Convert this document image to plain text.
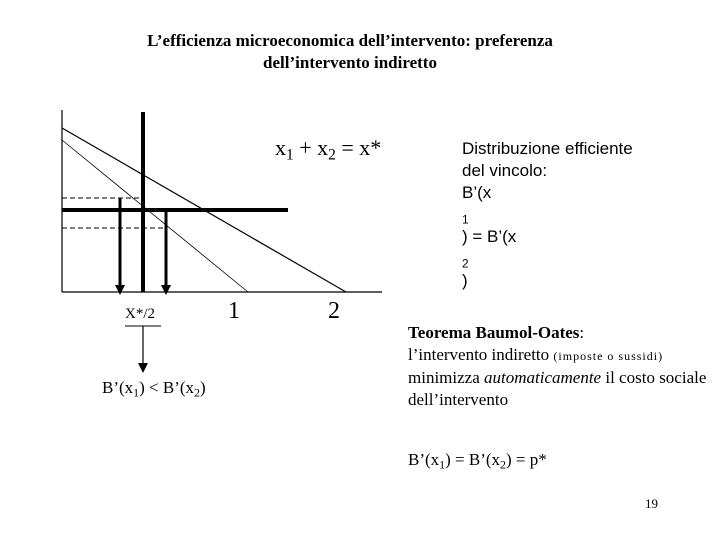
L’efficienza microeconomica dell’intervento: preferenza
dell’intervento indiretto
$x_1 + x_2 = x*$	Distribuzione efficiente
del vincolo:
B’(x
$_1$
) = B’(x
$_2$
)
X*/2	1	2
$B’(x_1)$ < $B’(x_2)$
Teorema Baumol-Oates:
l’intervento indiretto (imposte o sussidi) minimizza automaticamente il costo sociale dell’intervento
$B’(x_1)$ = $B’(x_2) = p*$
19
